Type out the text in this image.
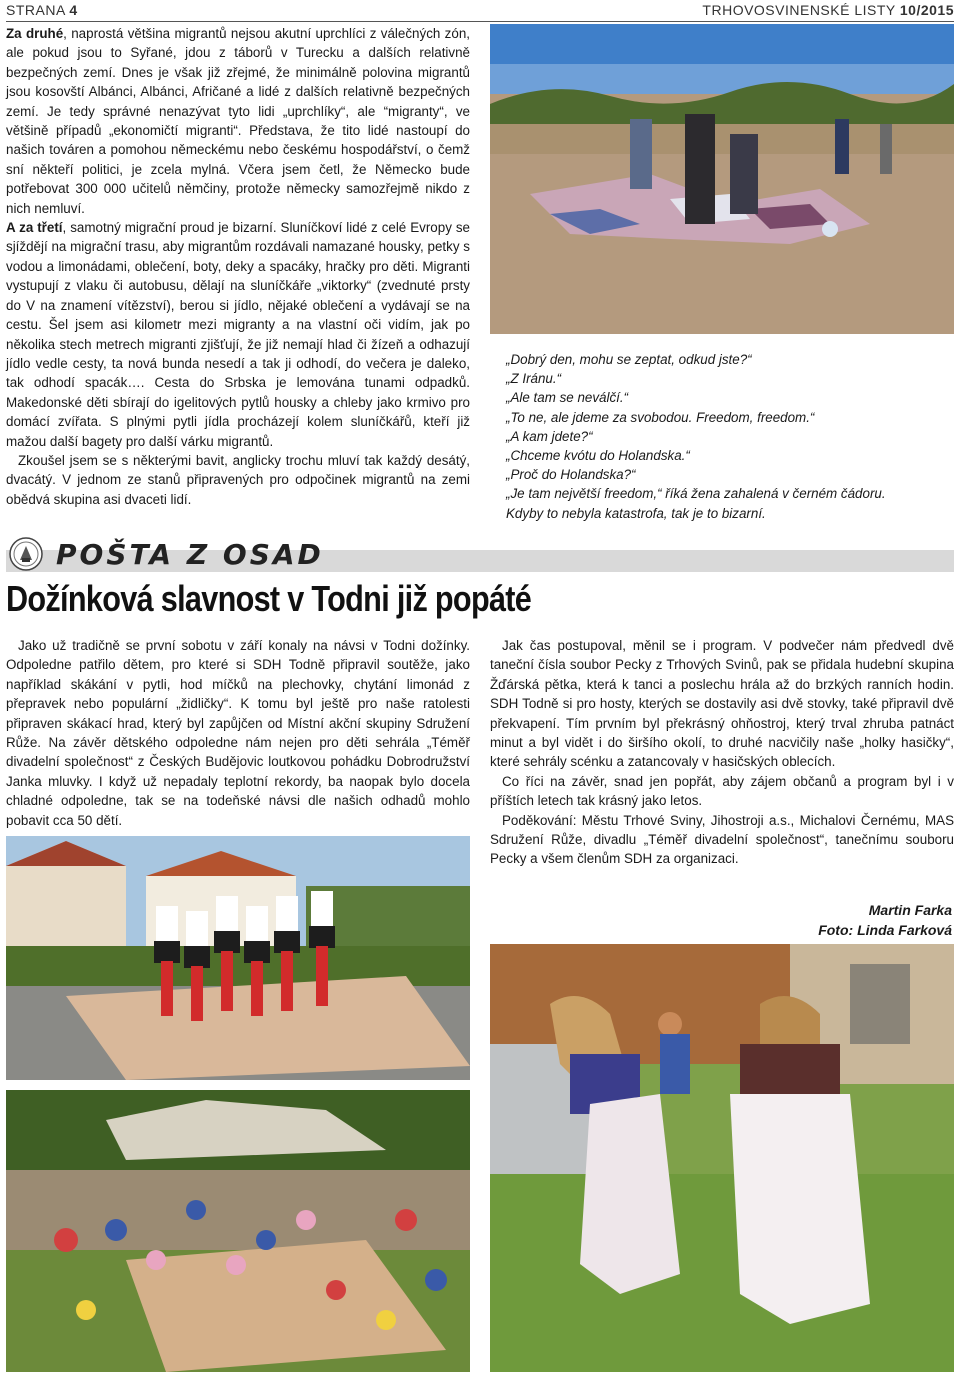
STRANA 4	TRHOVOSVINENSKÉ LISTY 10/2015

Za druhé, naprostá většina migrantů nejsou akutní uprchlíci z válečných zón, ale pokud jsou to Syřané, jdou z táborů v Turecku a dalších relativně bezpečných zemí. Dnes je však již zřejmé, že minimálně polovina migrantů jsou kosovští Albánci, Albánci, Afričané a lidé z dalších relativně bezpečných zemí. Je tedy správné nenazývat tyto lidi „uprchlíky“, ale “migranty“, ve většině případů „ekonomičtí migranti“. Představa, že tito lidé nastoupí do našich továren a pomohou německému nebo českému hospodářství, o čemž sní někteří politici, je zcela mylná. Včera jsem četl, že Německo bude potřebovat 300 000 učitelů němčiny, protože německy samozřejmě nikdo z nich nemluví.

A za třetí, samotný migrační proud je bizarní. Sluníčkoví lidé z celé Evropy se sjíždějí na migrační trasu, aby migrantům rozdávali namazané housky, petky s vodou a limonádami, oblečení, boty, deky a spacáky, hračky pro děti. Migranti vystupují z vlaku či autobusu, dělají na sluníčkáře „viktorky“ (zvednuté prsty do V na znamení vítězství), berou si jídlo, nějaké oblečení a vydávají se na cestu. Šel jsem asi kilometr mezi migranty a na vlastní oči vidím, jak po několika stech metrech migranti zjišťují, že již nemají hlad či žízeň a odhazují jídlo vedle cesty, ta nová bunda nesedí a tak ji odhodí, do večera je daleko, tak odhodí spacák…. Cesta do Srbska je lemována tunami odpadků. Makedonské děti sbírají do igelitových pytlů housky a chleby jako krmivo pro domácí zvířata. S plnými pytli jídla procházejí kolem sluníčkářů, kteří již mažou další bagety pro další várku migrantů.

Zkoušel jsem se s některými bavit, anglicky trochu mluví tak každý desátý, dvacátý. V jednom ze stanů připravených pro odpočinek migrantů na zemi obědvá skupina asi dvaceti lidí.

„Dobrý den, mohu se zeptat, odkud jste?“
„Z Iránu.“
„Ale tam se neválčí.“
„To ne, ale jdeme za svobodou. Freedom, freedom.“
„A kam jdete?“
„Chceme kvótu do Holandska.“
„Proč do Holandska?“
„Je tam největší freedom,“ říká žena zahalená v černém čádoru.
Kdyby to nebyla katastrofa, tak je to bizarní.
POŠTA Z OSAD
Dožínková slavnost v Todni již popáté

Jako už tradičně se první sobotu v září konaly na návsi v Todni dožínky. Odpoledne patřilo dětem, pro které si SDH Todně připravil soutěže, jako například skákání v pytli, hod míčků na plechovky, chytání limonád z přepravek nebo populární „židličky“. K tomu byl ještě pro naše ratolesti připraven skákací hrad, který byl zapůjčen od Místní akční skupiny Sdružení Růže. Na závěr dětského odpoledne nám nejen pro děti sehrála „Téměř divadelní společnost“ z Českých Budějovic loutkovou pohádku Dobrodružství Janka mluvky. I když už nepadaly teplotní rekordy, ba naopak bylo docela chladné odpoledne, tak se na todeňské návsi dle našich odhadů mohlo pobavit cca 50 dětí.

Jak čas postupoval, měnil se i program. V podvečer nám předvedl dvě taneční čísla soubor Pecky z Trhových Svinů, pak se přidala hudební skupina Žďárská pětka, která k tanci a poslechu hrála až do brzkých ranních hodin. SDH Todně si pro hosty, kterých se dostavily asi dvě stovky, také připravil dvě překvapení. Tím prvním byl překrásný ohňostroj, který trval zhruba patnáct minut a byl vidět i do širšího okolí, to druhé nacvičily naše „holky hasičky“, které sehrály scénku a zatancovaly v hasičských oblecích.

Co říci na závěr, snad jen popřát, aby zájem občanů a program byl i v příštích letech tak krásný jako letos.

Poděkování: Městu Trhové Sviny, Jihostroji a.s., Michalovi Černému, MAS Sdružení Růže, divadlu „Téměř divadelní společnost“, tanečnímu souboru Pecky a všem členům SDH za organizaci.

Martin Farka
Foto: Linda Farková
